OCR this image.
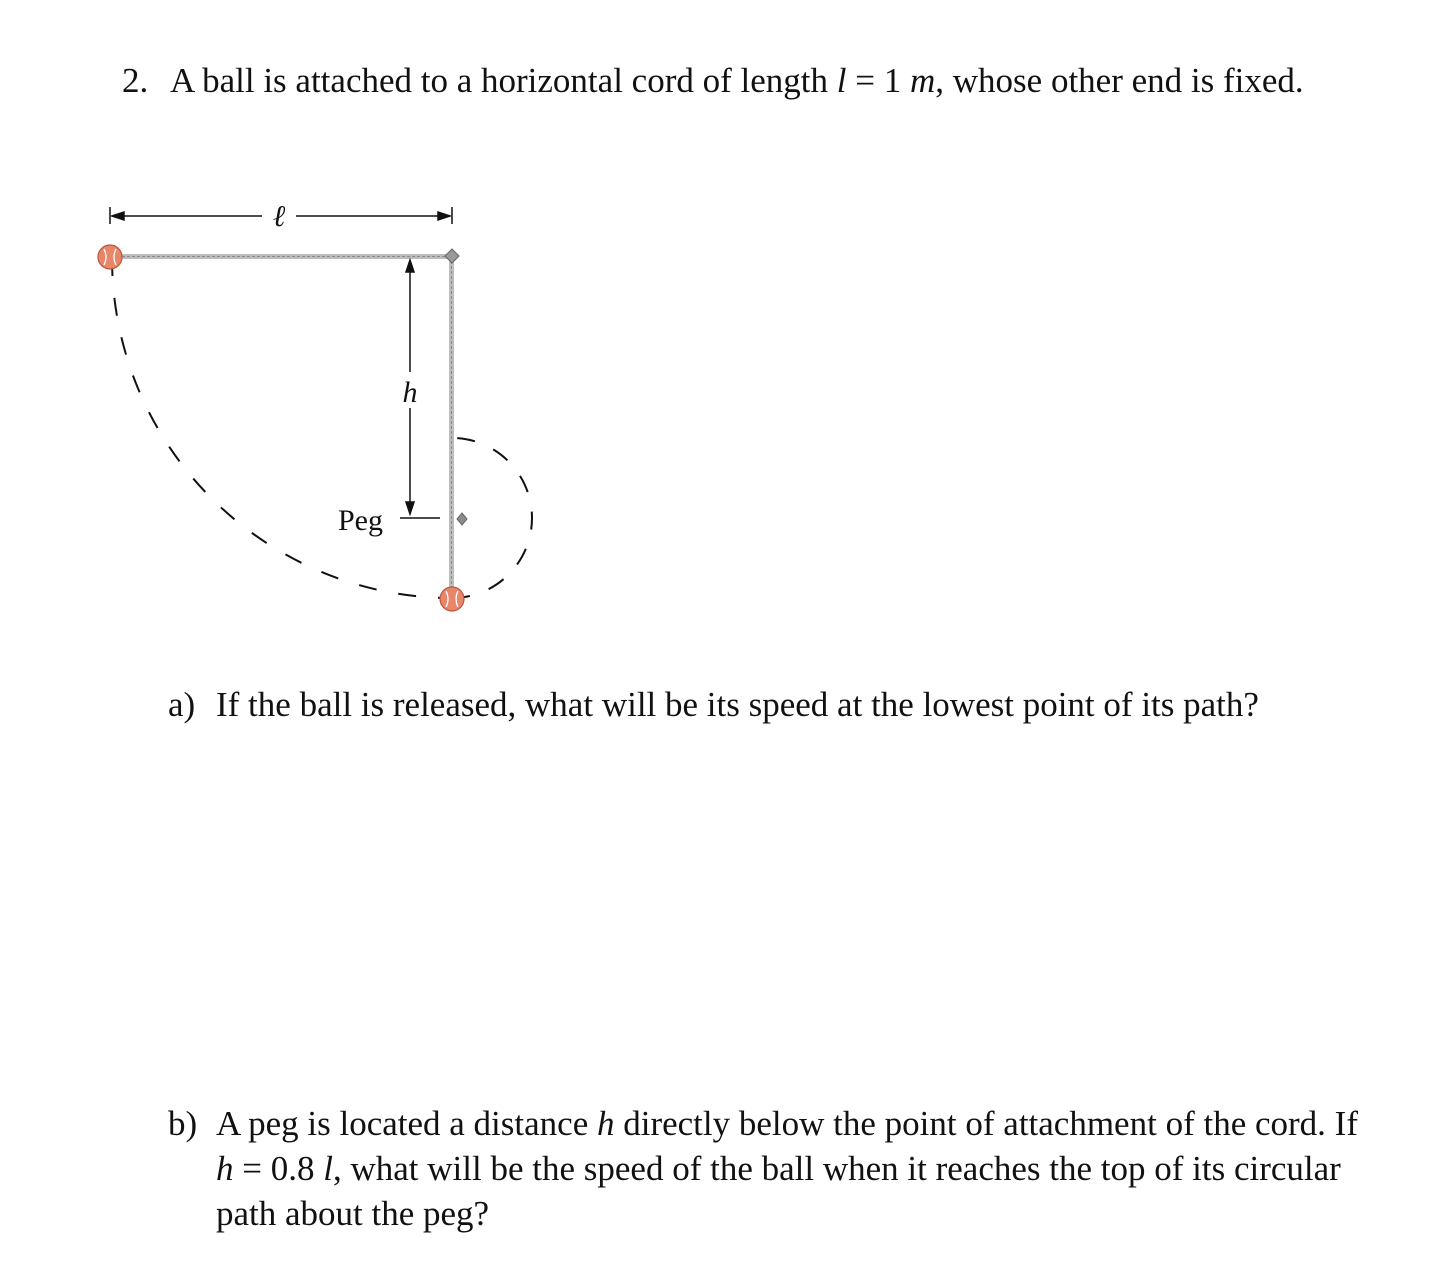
2. A ball is attached to a horizontal cord of length l = 1 m, whose other end is fixed.
ℓ
h
Peg
a) If the ball is released, what will be its speed at the lowest point of its path?
b) A peg is located a distance h directly below the point of attachment of the cord. If h = 0.8 l, what will be the speed of the ball when it reaches the top of its circular path about the peg?
